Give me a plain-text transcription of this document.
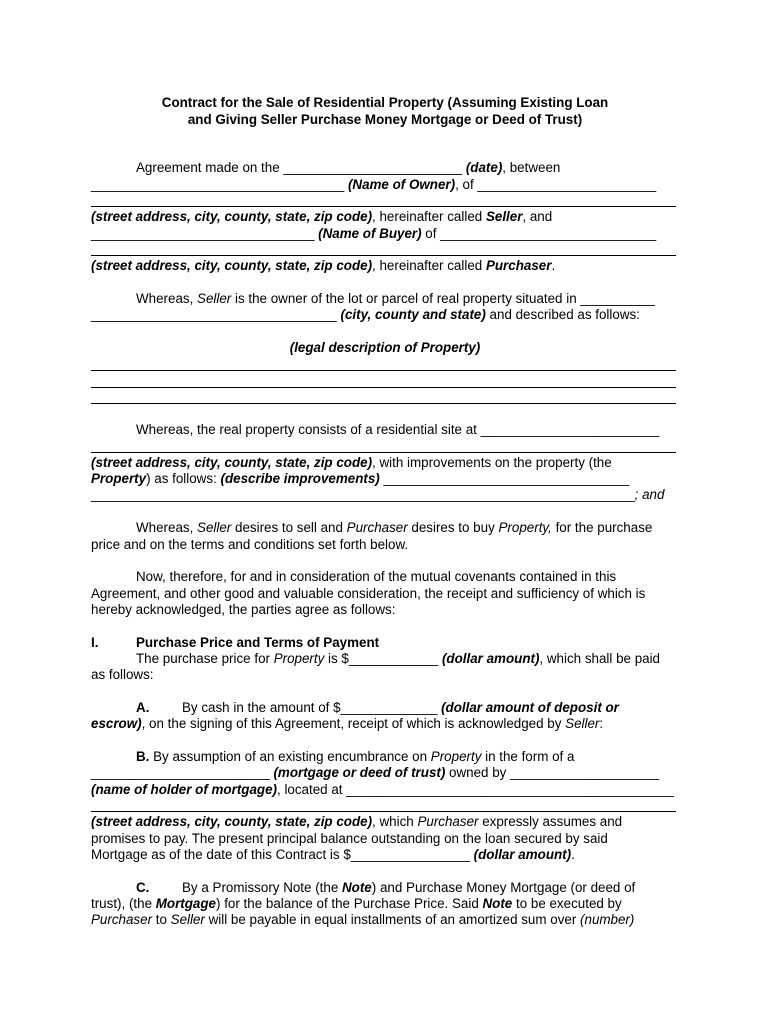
Contract for the Sale of Residential Property (Assuming Existing Loan
and Giving Seller Purchase Money Mortgage or Deed of Trust)
Agreement made on the ________________________ (date), between
__________________________________ (Name of Owner), of ________________________
(street address, city, county, state, zip code), hereinafter called Seller, and
______________________________ (Name of Buyer) of _____________________________
(street address, city, county, state, zip code), hereinafter called Purchaser.
Whereas, Seller is the owner of the lot or parcel of real property situated in __________
_________________________________ (city, county and state) and described as follows:
(legal description of Property)
Whereas, the real property consists of a residential site at ________________________
(street address, city, county, state, zip code), with improvements on the property (the
Property) as follows: (describe improvements) _________________________________
_________________________________________________________________________; and
Whereas, Seller desires to sell and Purchaser desires to buy Property, for the purchase
price and on the terms and conditions set forth below.
Now, therefore, for and in consideration of the mutual covenants contained in this
Agreement, and other good and valuable consideration, the receipt and sufficiency of which is
hereby acknowledged, the parties agree as follows:
I.	Purchase Price and Terms of Payment
The purchase price for Property is $____________ (dollar amount), which shall be paid
as follows:
A. By cash in the amount of $_____________ (dollar amount of deposit or
escrow), on the signing of this Agreement, receipt of which is acknowledged by Seller:
B. By assumption of an existing encumbrance on Property in the form of a
________________________ (mortgage or deed of trust) owned by ____________________
(name of holder of mortgage), located at ____________________________________________
(street address, city, county, state, zip code), which Purchaser expressly assumes and
promises to pay. The present principal balance outstanding on the loan secured by said
Mortgage as of the date of this Contract is $________________ (dollar amount).
C. By a Promissory Note (the Note) and Purchase Money Mortgage (or deed of
trust), (the Mortgage) for the balance of the Purchase Price. Said Note to be executed by
Purchaser to Seller will be payable in equal installments of an amortized sum over (number)
